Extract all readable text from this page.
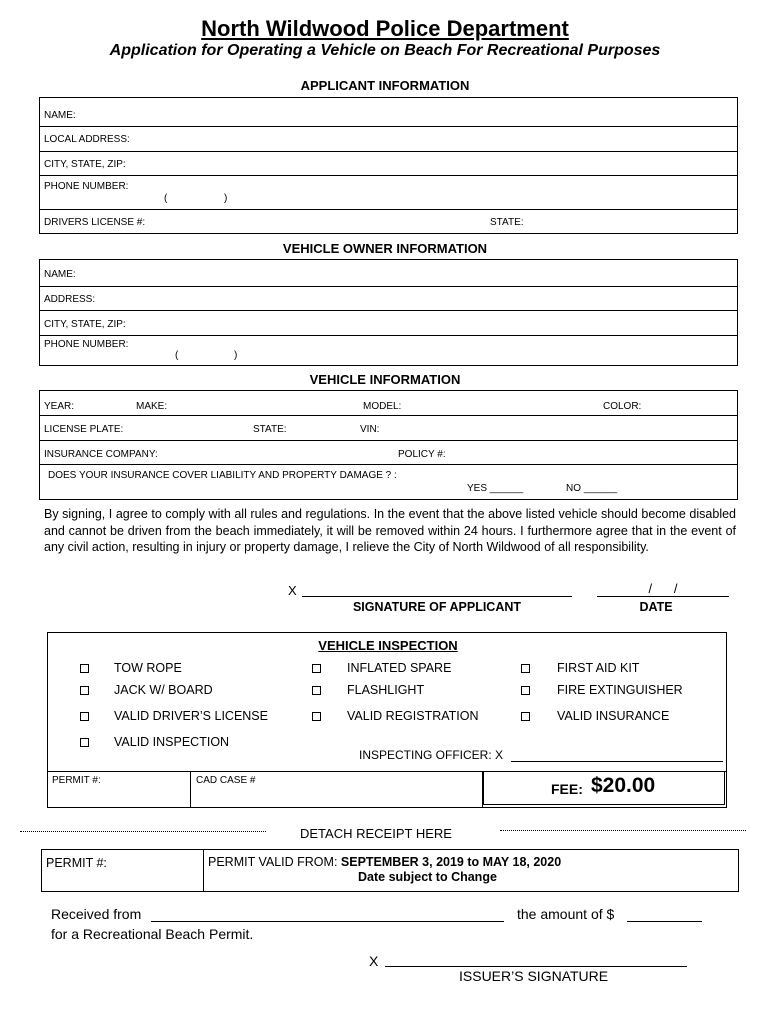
North Wildwood Police Department
Application for Operating a Vehicle on Beach For Recreational Purposes
APPLICANT INFORMATION
NAME:
LOCAL ADDRESS:
CITY, STATE, ZIP:
PHONE NUMBER:
(	)
DRIVERS LICENSE #:	STATE:
VEHICLE OWNER INFORMATION
NAME:
ADDRESS:
CITY, STATE, ZIP:
PHONE NUMBER:
(	)
VEHICLE INFORMATION
YEAR:	MAKE:	MODEL:	COLOR:
LICENSE PLATE:	STATE:	VIN:
INSURANCE COMPANY:	POLICY #:
DOES YOUR INSURANCE COVER LIABILITY AND PROPERTY DAMAGE ? :
YES ______	NO ______
By signing, I agree to comply with all rules and regulations. In the event that the above listed vehicle should become disabled and cannot be driven from the beach immediately, it will be removed within 24 hours. I furthermore agree that in the event of any civil action, resulting in injury or property damage, I relieve the City of North Wildwood of all responsibility.
X
SIGNATURE OF APPLICANT
/      /
DATE
VEHICLE INSPECTION
TOW ROPE	INFLATED SPARE	FIRST AID KIT
JACK W/ BOARD	FLASHLIGHT	FIRE EXTINGUISHER
VALID DRIVER’S LICENSE	VALID REGISTRATION	VALID INSURANCE
VALID INSPECTION
INSPECTING OFFICER: X
FEE: $20.00
PERMIT #:	CAD CASE #
DETACH RECEIPT HERE
PERMIT #:	PERMIT VALID FROM: SEPTEMBER 3, 2019 to MAY 18, 2020
Date subject to Change
Received from	the amount of $
for a Recreational Beach Permit.
X
ISSUER’S SIGNATURE
